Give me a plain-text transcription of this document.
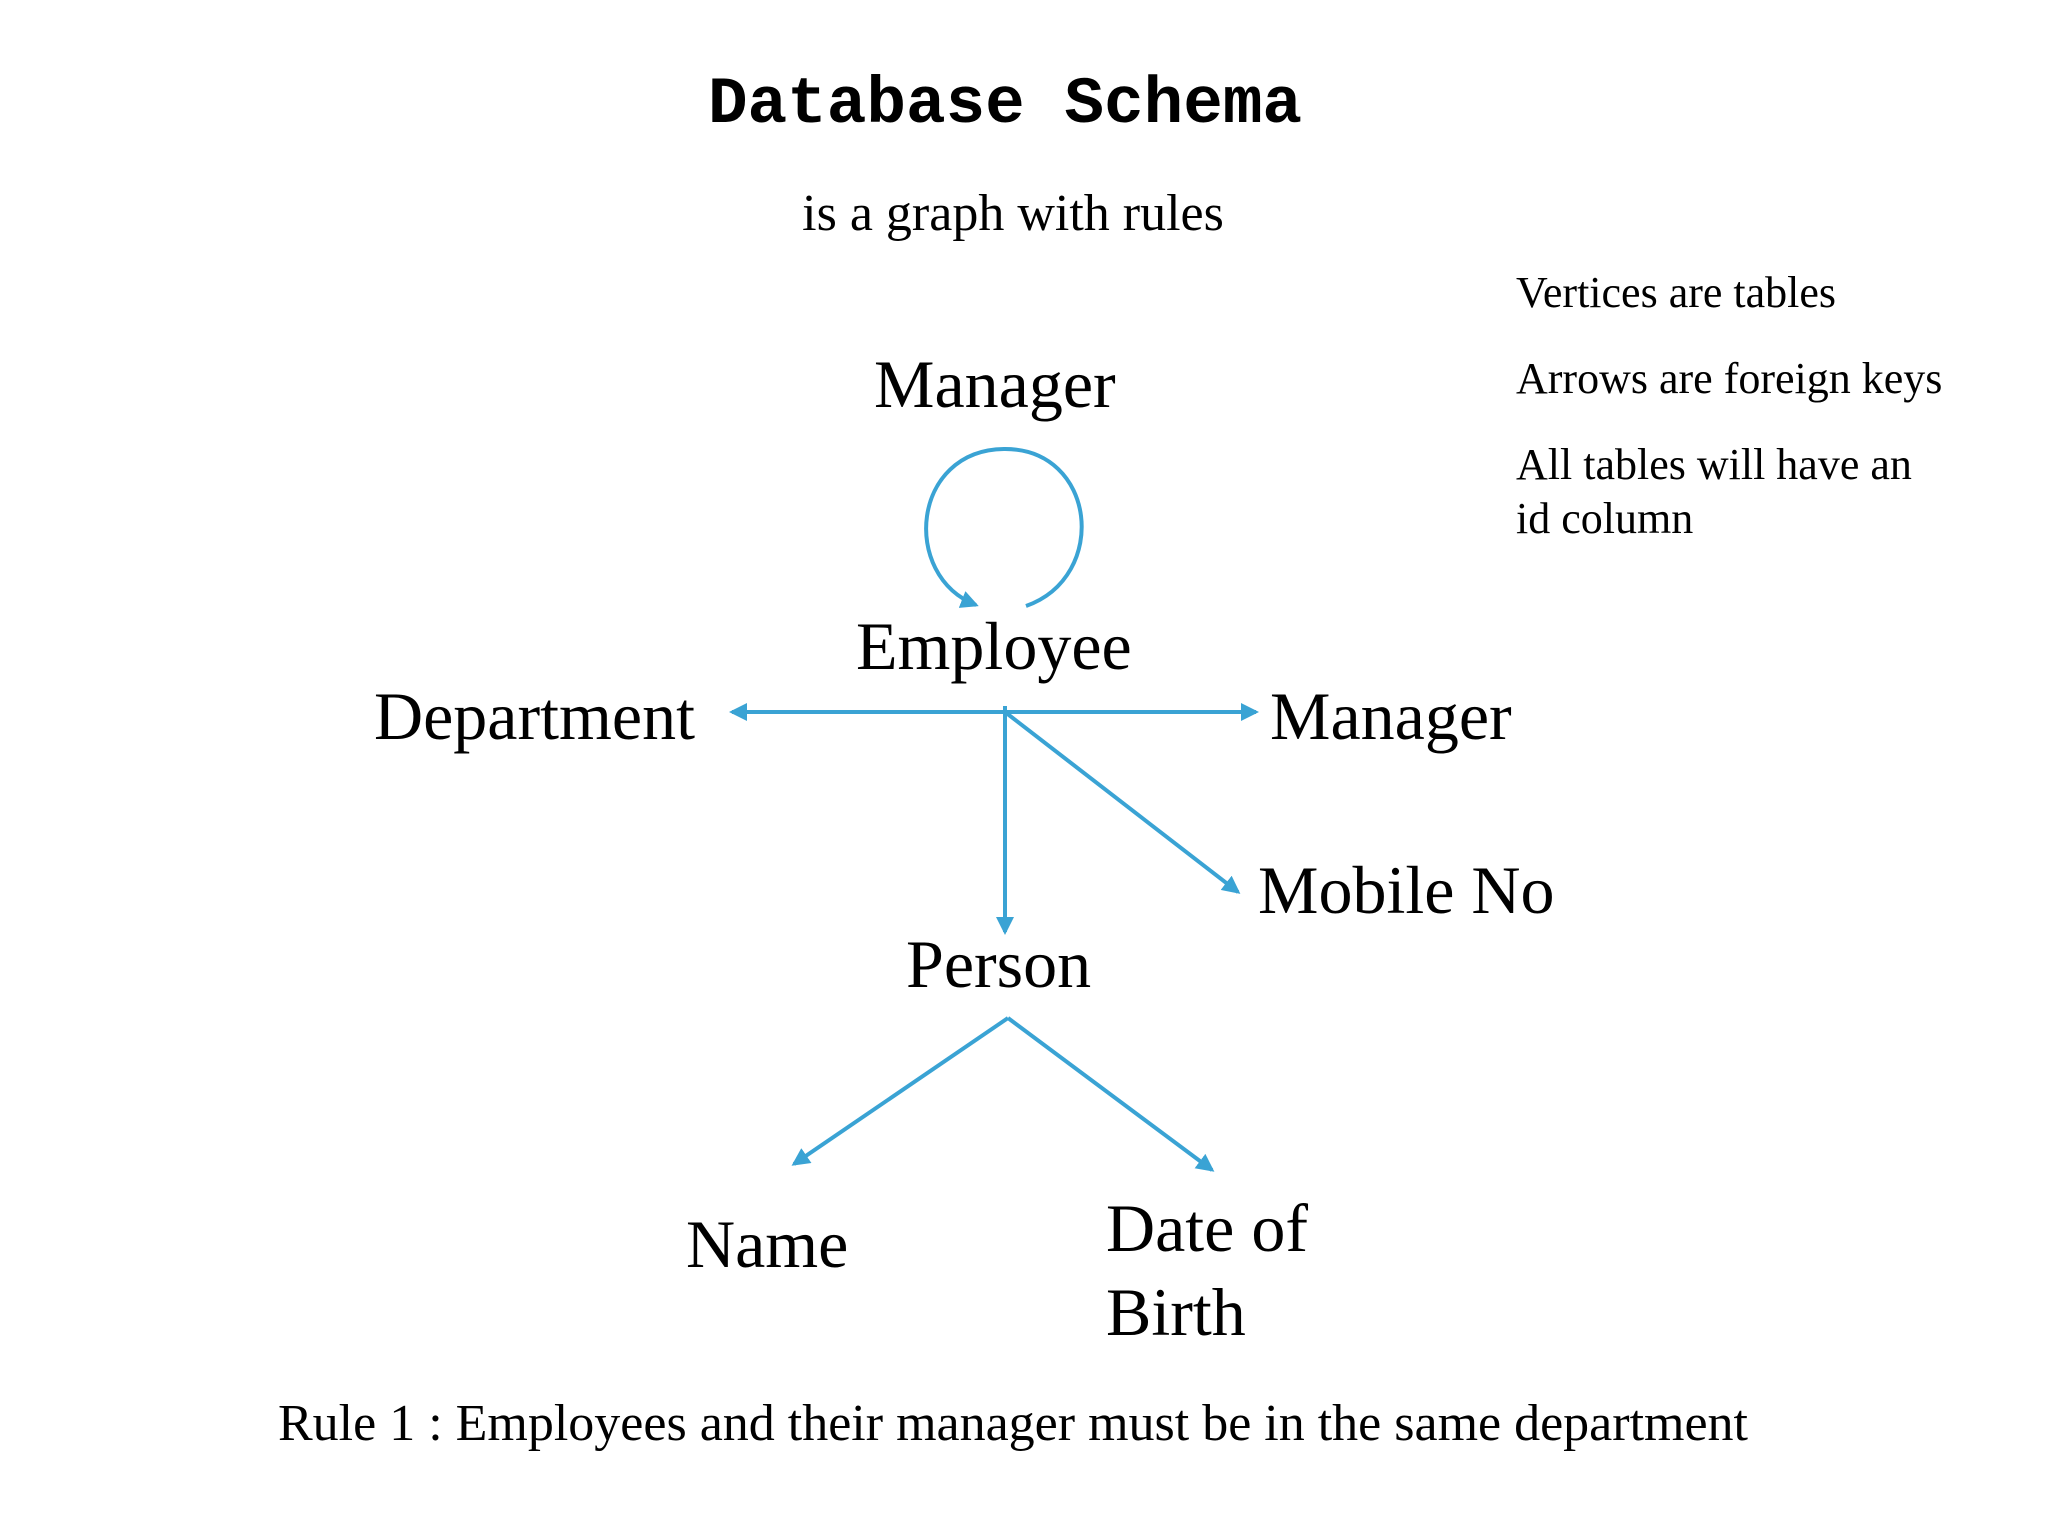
Database Schema
is a graph with rules
Vertices are tables
Arrows are foreign keys
All tables will have an
id column
Manager
Employee
Department	Manager
Mobile No
Person
Name	Date of
Birth
Rule 1 : Employees and their manager must be in the same department
